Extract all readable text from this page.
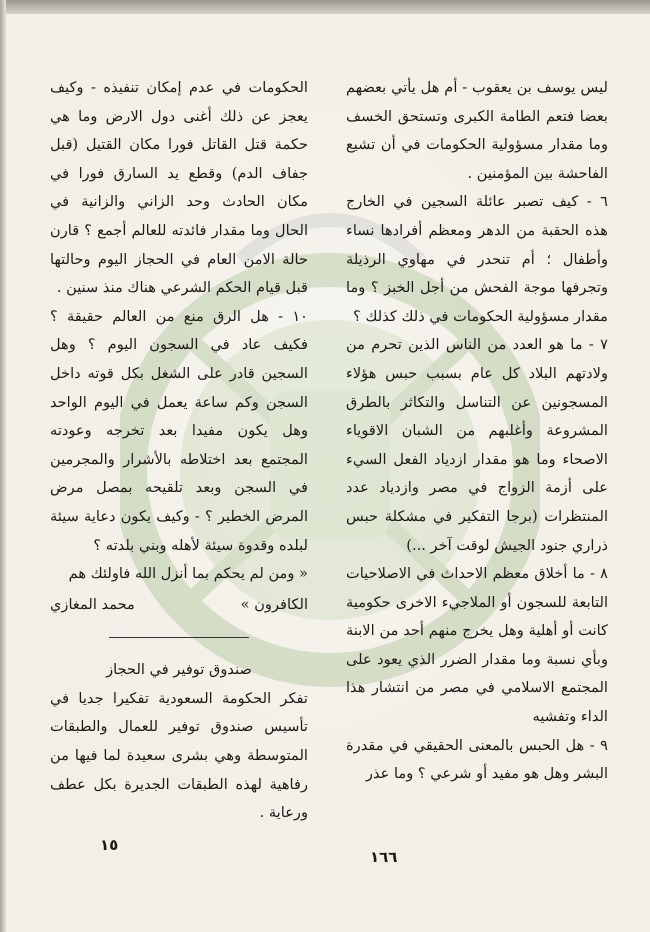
ليس يوسف بن يعقوب - أم هل يأتي بعضهم بعضا فتعم الطامة الكبرى وتستحق الخسف وما مقدار مسؤولية الحكومات في أن تشيع الفاحشة بين المؤمنين .

٦ - كيف تصبر عائلة السجين في الخارج هذه الحقبة من الدهر ومعظم أفرادها نساء وأطفال ؛ أم تنحدر في مهاوي الرذيلة وتجرفها موجة الفحش من أجل الخبز ؟ وما مقدار مسؤولية الحكومات في ذلك كذلك ؟

٧ - ما هو العدد من الناس الذين تحرم من ولادتهم البلاد كل عام بسبب حبس هؤلاء المسجونين عن التناسل والتكاثر بالطرق المشروعة وأغلبهم من الشبان الاقوياء الاصحاء وما هو مقدار ازدياد الفعل السيء على أزمة الزواج في مصر وازدياد عدد المنتظرات (برجا التفكير في مشكلة حبس ذراري جنود الجيش لوقت آخر ...)

٨ - ما أخلاق معظم الاحداث في الاصلاحيات التابعة للسجون أو الملاجيء الاخرى حكومية كانت أو أهلية وهل يخرج منهم أحد من الابنة وبأي نسبة وما مقدار الضرر الذي يعود على المجتمع الاسلامي في مصر من انتشار هذا الداء وتفشيه

٩ - هل الحبس بالمعنى الحقيقي في مقدرة البشر وهل هو مفيد أو شرعي ؟ وما عذر

الحكومات في عدم إمكان تنفيذه - وكيف يعجز عن ذلك أغنى دول الارض وما هي حكمة قتل القاتل فورا مكان القتيل (قبل جفاف الدم) وقطع يد السارق فورا في مكان الحادث وحد الزاني والزانية في الحال وما مقدار فائدته للعالم أجمع ؟ قارن حالة الامن العام في الحجاز اليوم وحالتها قبل قيام الحكم الشرعي هناك منذ سنين .

١٠ - هل الرق منع من العالم حقيقة ؟ فكيف عاد في السجون اليوم ؟ وهل السجين قادر على الشغل بكل قوته داخل السجن وكم ساعة يعمل في اليوم الواحد وهل يكون مفيدا بعد تخرجه وعودته المجتمع بعد اختلاطه بالأشرار والمجرمين في السجن وبعد تلقيحه بمصل مرض المرض الخطير ؟ - وكيف يكون دعاية سيئة لبلده وقدوة سيئة لأهله وبني بلدته ؟

« ومن لم يحكم بما أنزل الله فاولئك هم

الكافرون »
محمد المغازي

صندوق توفير في الحجاز

تفكر الحكومة السعودية تفكيرا جديا في تأسيس صندوق توفير للعمال والطبقات المتوسطة وهي بشرى سعيدة لما فيها من رفاهية لهذه الطبقات الجديرة بكل عطف ورعاية .

١٥
١٦٦
